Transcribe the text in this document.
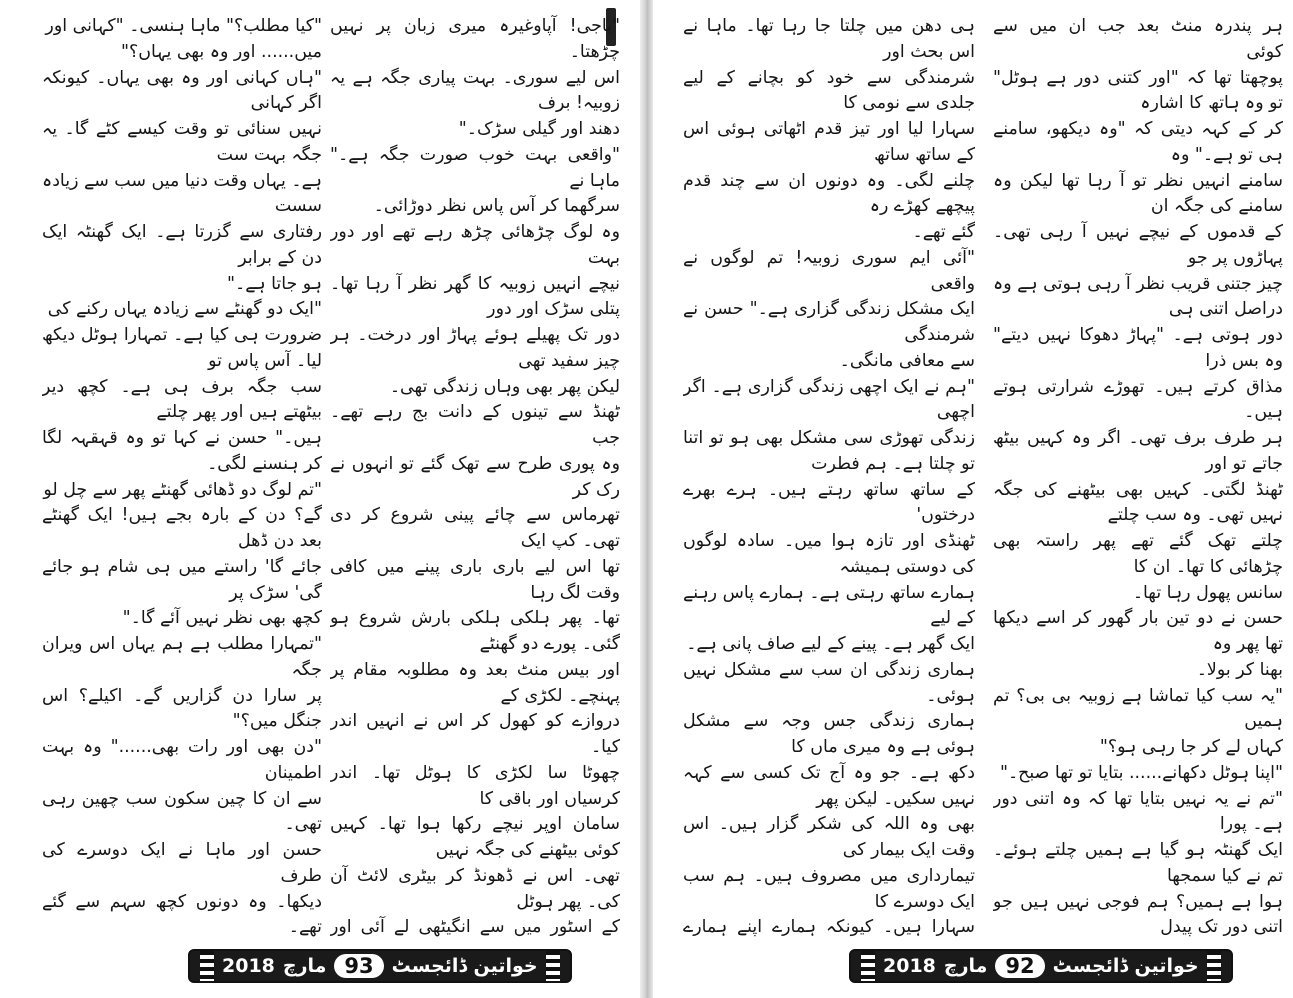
"باجی! آپاوغیرہ میری زبان پر نہیں چڑھتا۔

اس لیے سوری۔ بہت پیاری جگہ ہے یہ زوبیہ! برف

دھند اور گیلی سڑک۔"

"واقعی بہت خوب صورت جگہ ہے۔" ماہا نے

سرگھما کر آس پاس نظر دوڑائی۔

وہ لوگ چڑھائی چڑھ رہے تھے اور دور بہت

نیچے انہیں زوبیہ کا گھر نظر آ رہا تھا۔ پتلی سڑک اور دور

دور تک پھیلے ہوئے پہاڑ اور درخت۔ ہر چیز سفید تھی

لیکن پھر بھی وہاں زندگی تھی۔

ٹھنڈ سے تینوں کے دانت بج رہے تھے۔ جب

وہ پوری طرح سے تھک گئے تو انہوں نے رک کر

تھرماس سے چائے پینی شروع کر دی تھی۔ کپ ایک

تھا اس لیے باری باری پینے میں کافی وقت لگ رہا

تھا۔ پھر ہلکی ہلکی بارش شروع ہو گئی۔ پورے دو گھنٹے

اور بیس منٹ بعد وہ مطلوبہ مقام پر پہنچے۔ لکڑی کے

دروازے کو کھول کر اس نے انہیں اندر کیا۔

چھوٹا سا لکڑی کا ہوٹل تھا۔ اندر کرسیاں اور باقی کا

سامان اوپر نیچے رکھا ہوا تھا۔ کہیں کوئی بیٹھنے کی جگہ نہیں

تھی۔ اس نے ڈھونڈ کر بیٹری لائٹ آن کی۔ پھر ہوٹل

کے اسٹور میں سے انگیٹھی لے آئی اور

"کیا مطلب؟" ماہا ہنسی۔ "کہانی اور

میں...... اور وہ بھی یہاں؟"

"ہاں کہانی اور وہ بھی یہاں۔ کیونکہ اگر کہانی

نہیں سنائی تو وقت کیسے کٹے گا۔ یہ جگہ بہت ست

ہے۔ یہاں وقت دنیا میں سب سے زیادہ سست

رفتاری سے گزرتا ہے۔ ایک گھنٹہ ایک دن کے برابر

ہو جاتا ہے۔"

"ایک دو گھنٹے سے زیادہ یہاں رکنے کی

ضرورت ہی کیا ہے۔ تمہارا ہوٹل دیکھ لیا۔ آس پاس تو

سب جگہ برف ہی ہے۔ کچھ دیر بیٹھتے ہیں اور پھر چلتے

ہیں۔" حسن نے کہا تو وہ قہقہہ لگا کر ہنسنے لگی۔

"تم لوگ دو ڈھائی گھنٹے پھر سے چل لو

گے؟ دن کے بارہ بجے ہیں! ایک گھنٹے بعد دن ڈھل

جائے گا' راستے میں ہی شام ہو جائے گی' سڑک پر

کچھ بھی نظر نہیں آئے گا۔"

"تمہارا مطلب ہے ہم یہاں اس ویران جگہ

پر سارا دن گزاریں گے۔ اکیلے؟ اس جنگل میں؟"

"دن بھی اور رات بھی......" وہ بہت اطمینان

سے ان کا چین سکون سب چھین رہی تھی۔

حسن اور ماہا نے ایک دوسرے کی طرف

دیکھا۔ وہ دونوں کچھ سہم سے گئے تھے۔

2018 مارچ 93 خواتین ڈائجسٹ

ہر پندرہ منٹ بعد جب ان میں سے کوئی

پوچھتا تھا کہ "اور کتنی دور ہے ہوٹل" تو وہ ہاتھ کا اشارہ

کر کے کہہ دیتی کہ "وہ دیکھو، سامنے ہی تو ہے۔" وہ

سامنے انہیں نظر تو آ رہا تھا لیکن وہ سامنے کی جگہ ان

کے قدموں کے نیچے نہیں آ رہی تھی۔ پہاڑوں پر جو

چیز جتنی قریب نظر آ رہی ہوتی ہے وہ دراصل اتنی ہی

دور ہوتی ہے۔ "پہاڑ دھوکا نہیں دیتے" وہ بس ذرا

مذاق کرتے ہیں۔ تھوڑے شرارتی ہوتے ہیں۔

ہر طرف برف تھی۔ اگر وہ کہیں بیٹھ جاتے تو اور

ٹھنڈ لگتی۔ کہیں بھی بیٹھنے کی جگہ نہیں تھی۔ وہ سب چلتے

چلتے تھک گئے تھے پھر راستہ بھی چڑھائی کا تھا۔ ان کا

سانس پھول رہا تھا۔

حسن نے دو تین بار گھور کر اسے دیکھا تھا پھر وہ

بھنا کر بولا۔

"یہ سب کیا تماشا ہے زوبیہ بی بی؟ تم ہمیں

کہاں لے کر جا رہی ہو؟"

"اپنا ہوٹل دکھانے...... بتایا تو تھا صبح۔"

"تم نے یہ نہیں بتایا تھا کہ وہ اتنی دور ہے۔ پورا

ایک گھنٹہ ہو گیا ہے ہمیں چلتے ہوئے۔ تم نے کیا سمجھا

ہوا ہے ہمیں؟ ہم فوجی نہیں ہیں جو اتنی دور تک پیدل

ہی دھن میں چلتا جا رہا تھا۔ ماہا نے اس بحث اور

شرمندگی سے خود کو بچانے کے لیے جلدی سے نومی کا

سہارا لیا اور تیز قدم اٹھاتی ہوئی اس کے ساتھ ساتھ

چلنے لگی۔ وہ دونوں ان سے چند قدم پیچھے کھڑے رہ

گئے تھے۔

"آئی ایم سوری زوبیہ! تم لوگوں نے واقعی

ایک مشکل زندگی گزاری ہے۔" حسن نے شرمندگی

سے معافی مانگی۔

"ہم نے ایک اچھی زندگی گزاری ہے۔ اگر اچھی

زندگی تھوڑی سی مشکل بھی ہو تو اتنا تو چلتا ہے۔ ہم فطرت

کے ساتھ ساتھ رہتے ہیں۔ ہرے بھرے درختوں'

ٹھنڈی اور تازہ ہوا میں۔ سادہ لوگوں کی دوستی ہمیشہ

ہمارے ساتھ رہتی ہے۔ ہمارے پاس رہنے کے لیے

ایک گھر ہے۔ پینے کے لیے صاف پانی ہے۔

ہماری زندگی ان سب سے مشکل نہیں ہوئی۔

ہماری زندگی جس وجہ سے مشکل ہوئی ہے وہ میری ماں کا

دکھ ہے۔ جو وہ آج تک کسی سے کہہ نہیں سکیں۔ لیکن پھر

بھی وہ اللہ کی شکر گزار ہیں۔ اس وقت ایک بیمار کی

تیمارداری میں مصروف ہیں۔ ہم سب ایک دوسرے کا

سہارا ہیں۔ کیونکہ ہمارے اپنے ہمارے

2018 مارچ 92 خواتین ڈائجسٹ
